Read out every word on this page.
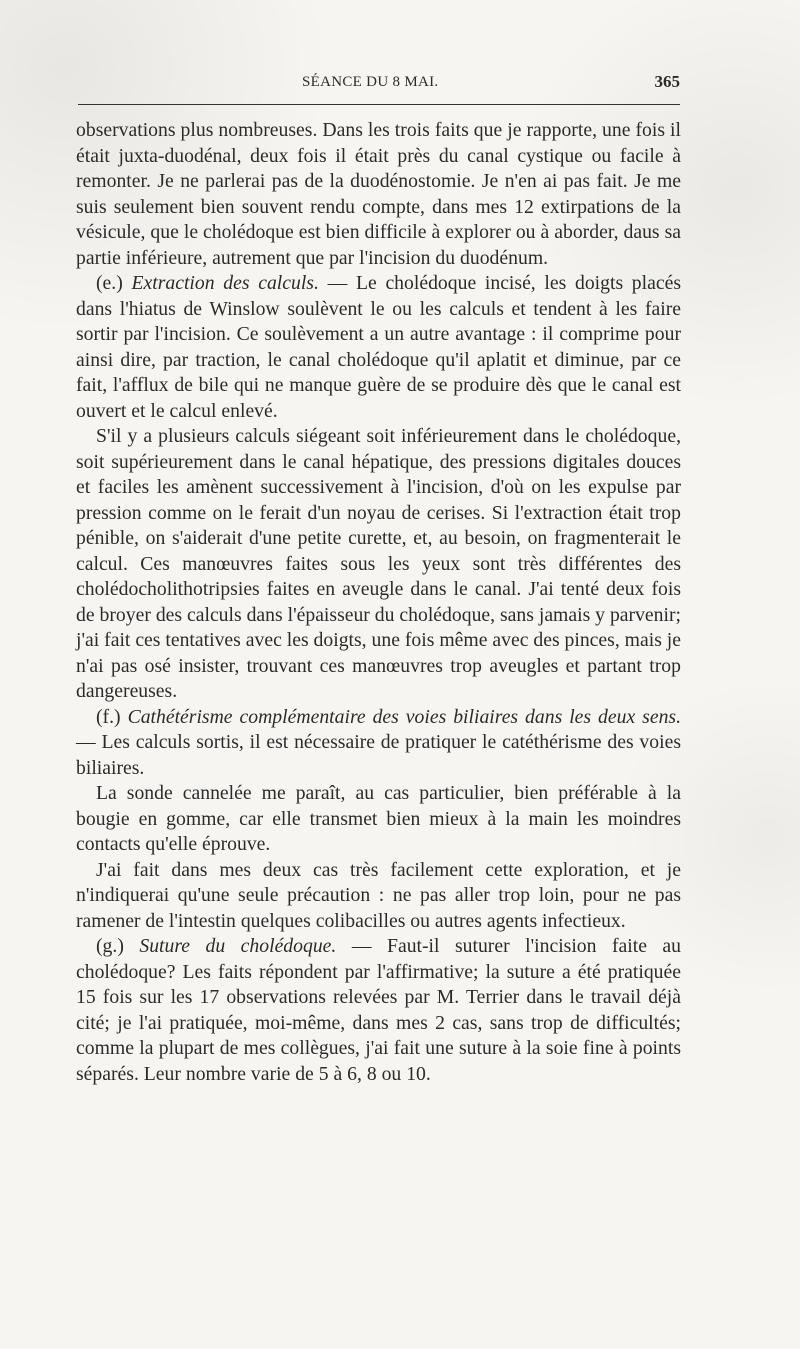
SÉANCE DU 8 MAI.	365

observations plus nombreuses. Dans les trois faits que je rapporte, une fois il était juxta-duodénal, deux fois il était près du canal cystique ou facile à remonter. Je ne parlerai pas de la duodénostomie. Je n'en ai pas fait. Je me suis seulement bien souvent rendu compte, dans mes 12 extirpations de la vésicule, que le cholédoque est bien difficile à explorer ou à aborder, daus sa partie inférieure, autrement que par l'incision du duodénum.

(e.) Extraction des calculs. — Le cholédoque incisé, les doigts placés dans l'hiatus de Winslow soulèvent le ou les calculs et tendent à les faire sortir par l'incision. Ce soulèvement a un autre avantage : il comprime pour ainsi dire, par traction, le canal cholédoque qu'il aplatit et diminue, par ce fait, l'afflux de bile qui ne manque guère de se produire dès que le canal est ouvert et le calcul enlevé.

S'il y a plusieurs calculs siégeant soit inférieurement dans le cholédoque, soit supérieurement dans le canal hépatique, des pressions digitales douces et faciles les amènent successivement à l'incision, d'où on les expulse par pression comme on le ferait d'un noyau de cerises. Si l'extraction était trop pénible, on s'aiderait d'une petite curette, et, au besoin, on fragmenterait le calcul. Ces manœuvres faites sous les yeux sont très différentes des cholédocholithotripsies faites en aveugle dans le canal. J'ai tenté deux fois de broyer des calculs dans l'épaisseur du cholédoque, sans jamais y parvenir; j'ai fait ces tentatives avec les doigts, une fois même avec des pinces, mais je n'ai pas osé insister, trouvant ces manœuvres trop aveugles et partant trop dangereuses.

(f.) Cathétérisme complémentaire des voies biliaires dans les deux sens. — Les calculs sortis, il est nécessaire de pratiquer le catéthérisme des voies biliaires.

La sonde cannelée me paraît, au cas particulier, bien préférable à la bougie en gomme, car elle transmet bien mieux à la main les moindres contacts qu'elle éprouve.

J'ai fait dans mes deux cas très facilement cette exploration, et je n'indiquerai qu'une seule précaution : ne pas aller trop loin, pour ne pas ramener de l'intestin quelques colibacilles ou autres agents infectieux.

(g.) Suture du cholédoque. — Faut-il suturer l'incision faite au cholédoque? Les faits répondent par l'affirmative; la suture a été pratiquée 15 fois sur les 17 observations relevées par M. Terrier dans le travail déjà cité; je l'ai pratiquée, moi-même, dans mes 2 cas, sans trop de difficultés; comme la plupart de mes collègues, j'ai fait une suture à la soie fine à points séparés. Leur nombre varie de 5 à 6, 8 ou 10.
